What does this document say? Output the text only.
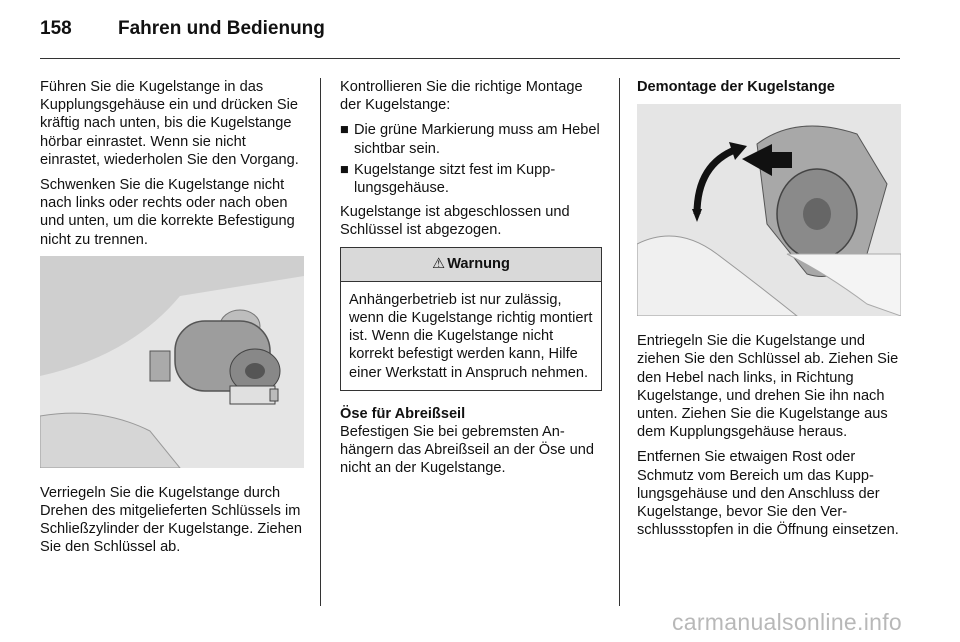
158 Fahren und Bedienung

Führen Sie die Kugelstange in das Kupplungsgehäuse ein und drücken Sie kräftig nach unten, bis die Kugelstange hörbar einrastet. Wenn sie nicht einrastet, wiederholen Sie den Vorgang.

Schwenken Sie die Kugelstange nicht nach links oder rechts oder nach oben und unten, um die korrekte Befestigung nicht zu trennen.

Verriegeln Sie die Kugelstange durch Drehen des mitgelieferten Schlüssels im Schließzylinder der Kugelstange. Ziehen Sie den Schlüssel ab.

Kontrollieren Sie die richtige Montage der Kugelstange:

■ Die grüne Markierung muss am Hebel sichtbar sein.
■ Kugelstange sitzt fest im Kupplungsgehäuse.

Kugelstange ist abgeschlossen und Schlüssel ist abgezogen.

⚠ Warnung
Anhängerbetrieb ist nur zulässig, wenn die Kugelstange richtig montiert ist. Wenn die Kugelstange nicht korrekt befestigt werden kann, Hilfe einer Werkstatt in Anspruch nehmen.
Öse für Abreißseil

Befestigen Sie bei gebremsten Anhängern das Abreißseil an der Öse und nicht an der Kugelstange.

Demontage der Kugelstange

Entriegeln Sie die Kugelstange und ziehen Sie den Schlüssel ab. Ziehen Sie den Hebel nach links, in Richtung Kugelstange, und drehen Sie ihn nach unten. Ziehen Sie die Kugelstange aus dem Kupplungsgehäuse heraus.

Entfernen Sie etwaigen Rost oder Schmutz vom Bereich um das Kupplungsgehäuse und den Anschluss der Kugelstange, bevor Sie den Verschlussstopfen in die Öffnung einsetzen.

carmanualsonline.info
